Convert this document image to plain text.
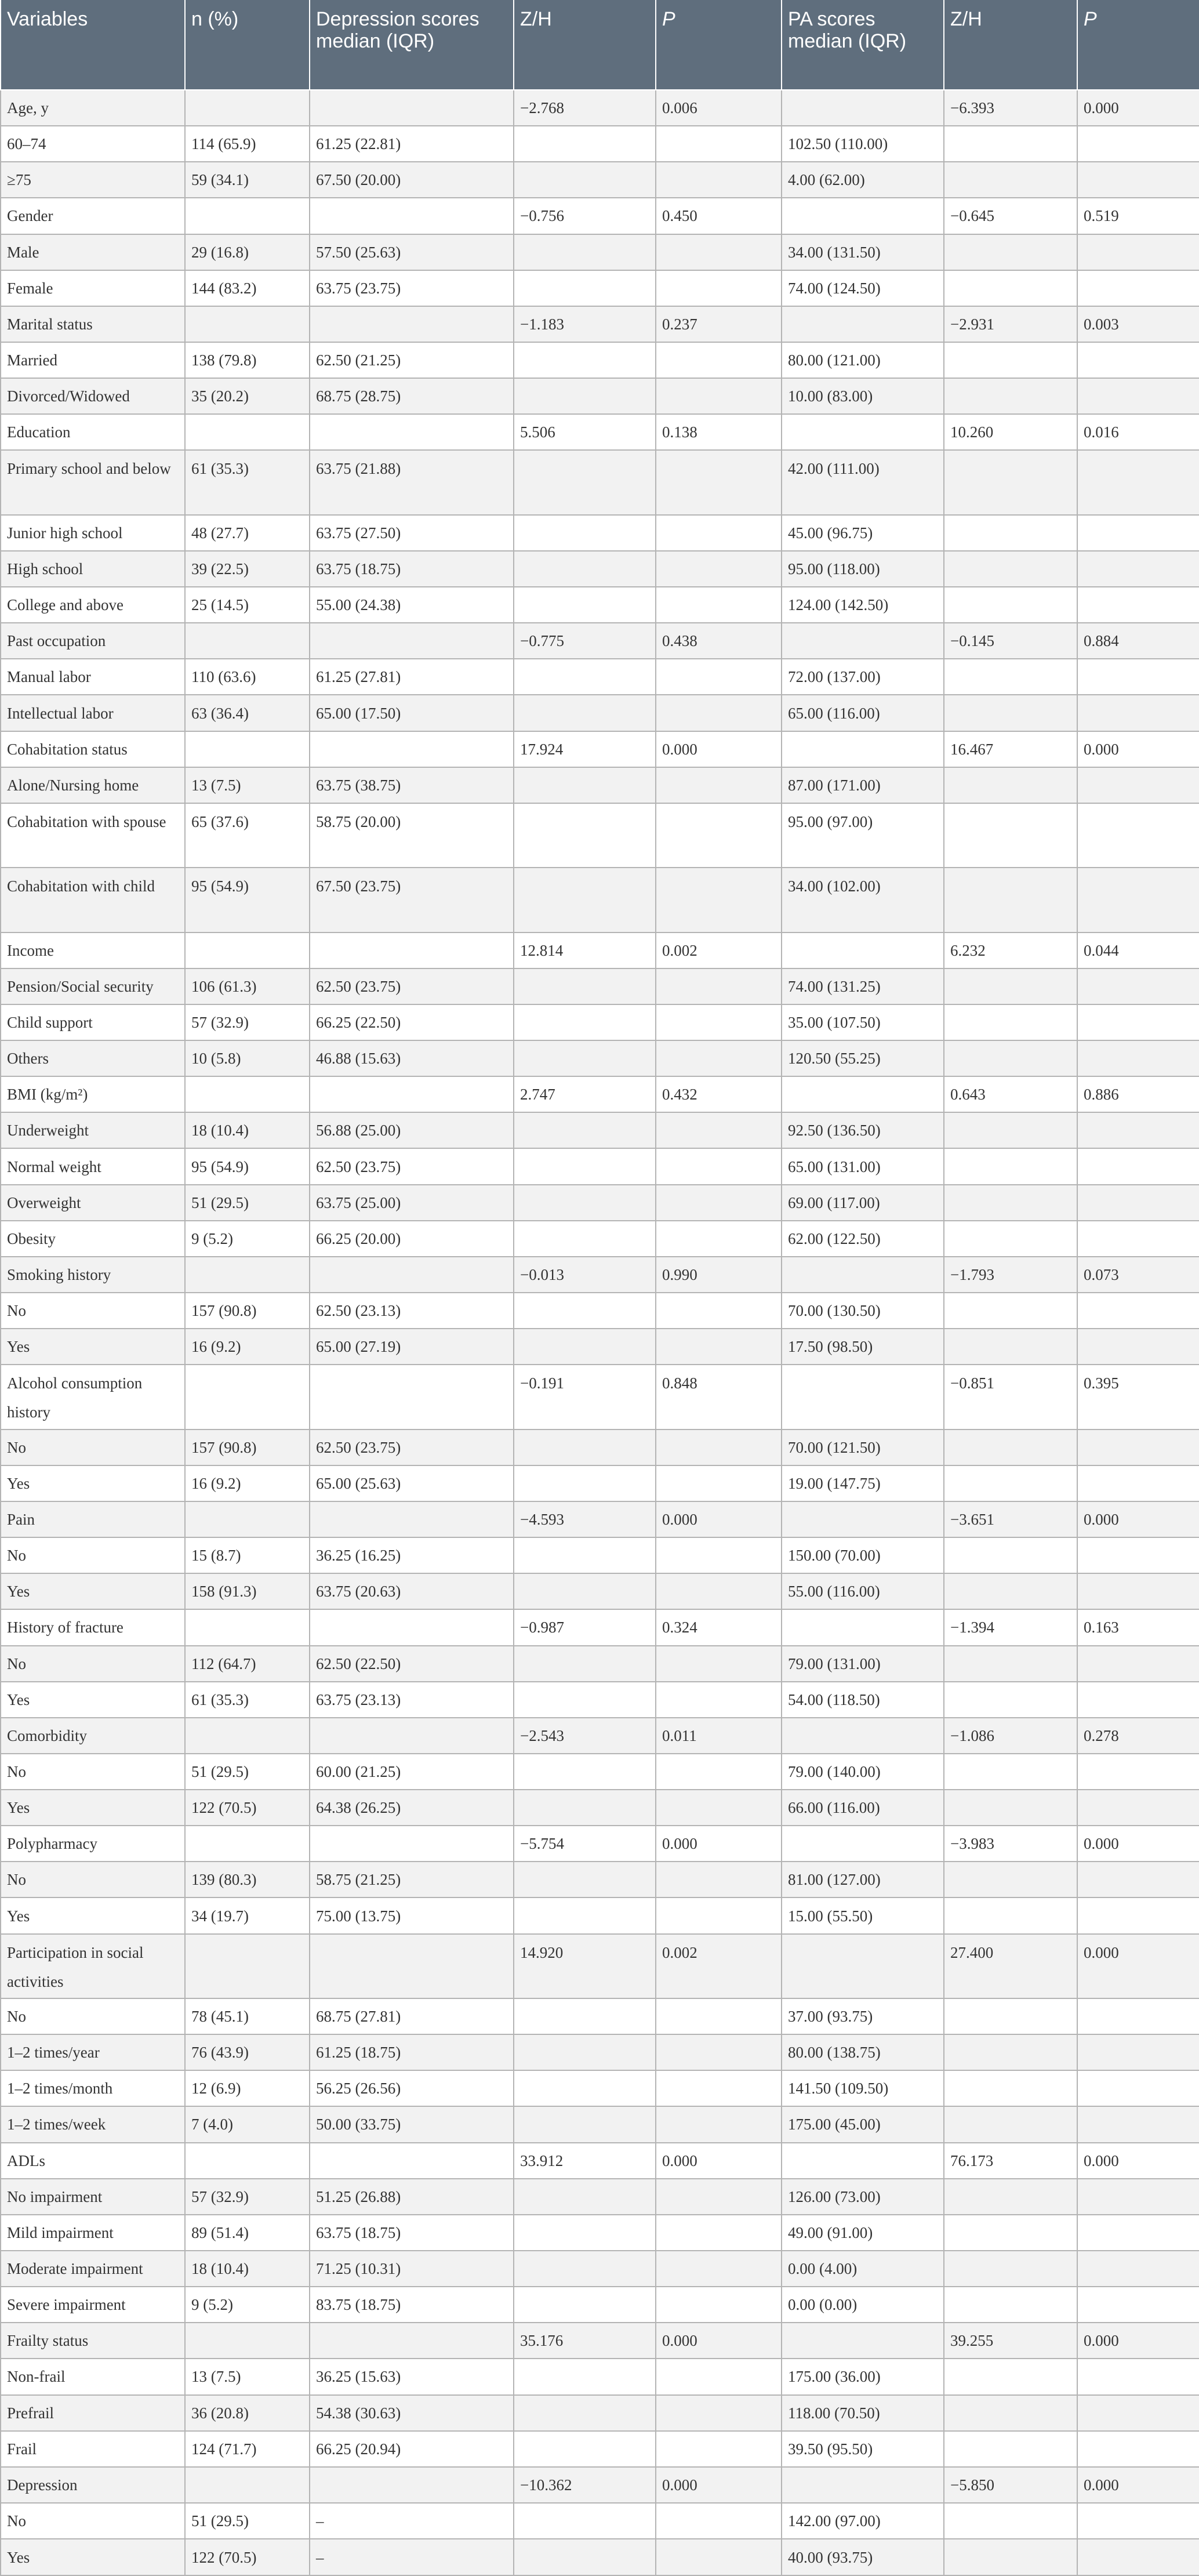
Variables	n (%)	Depression scores median (IQR)	Z/H	P	PA scores median (IQR)	Z/H	P
Age, y			−2.768	0.006		−6.393	0.000
60–74	114 (65.9)	61.25 (22.81)			102.50 (110.00)		
≥75	59 (34.1)	67.50 (20.00)			4.00 (62.00)		
Gender			−0.756	0.450		−0.645	0.519
Male	29 (16.8)	57.50 (25.63)			34.00 (131.50)		
Female	144 (83.2)	63.75 (23.75)			74.00 (124.50)		
Marital status			−1.183	0.237		−2.931	0.003
Married	138 (79.8)	62.50 (21.25)			80.00 (121.00)		
Divorced/Widowed	35 (20.2)	68.75 (28.75)			10.00 (83.00)		
Education			5.506	0.138		10.260	0.016
Primary school and below	61 (35.3)	63.75 (21.88)			42.00 (111.00)		
Junior high school	48 (27.7)	63.75 (27.50)			45.00 (96.75)		
High school	39 (22.5)	63.75 (18.75)			95.00 (118.00)		
College and above	25 (14.5)	55.00 (24.38)			124.00 (142.50)		
Past occupation			−0.775	0.438		−0.145	0.884
Manual labor	110 (63.6)	61.25 (27.81)			72.00 (137.00)		
Intellectual labor	63 (36.4)	65.00 (17.50)			65.00 (116.00)		
Cohabitation status			17.924	0.000		16.467	0.000
Alone/Nursing home	13 (7.5)	63.75 (38.75)			87.00 (171.00)		
Cohabitation with spouse	65 (37.6)	58.75 (20.00)			95.00 (97.00)		
Cohabitation with child	95 (54.9)	67.50 (23.75)			34.00 (102.00)		
Income			12.814	0.002		6.232	0.044
Pension/Social security	106 (61.3)	62.50 (23.75)			74.00 (131.25)		
Child support	57 (32.9)	66.25 (22.50)			35.00 (107.50)		
Others	10 (5.8)	46.88 (15.63)			120.50 (55.25)		
BMI (kg/m²)			2.747	0.432		0.643	0.886
Underweight	18 (10.4)	56.88 (25.00)			92.50 (136.50)		
Normal weight	95 (54.9)	62.50 (23.75)			65.00 (131.00)		
Overweight	51 (29.5)	63.75 (25.00)			69.00 (117.00)		
Obesity	9 (5.2)	66.25 (20.00)			62.00 (122.50)		
Smoking history			−0.013	0.990		−1.793	0.073
No	157 (90.8)	62.50 (23.13)			70.00 (130.50)		
Yes	16 (9.2)	65.00 (27.19)			17.50 (98.50)		
Alcohol consumption history			−0.191	0.848		−0.851	0.395
No	157 (90.8)	62.50 (23.75)			70.00 (121.50)		
Yes	16 (9.2)	65.00 (25.63)			19.00 (147.75)		
Pain			−4.593	0.000		−3.651	0.000
No	15 (8.7)	36.25 (16.25)			150.00 (70.00)		
Yes	158 (91.3)	63.75 (20.63)			55.00 (116.00)		
History of fracture			−0.987	0.324		−1.394	0.163
No	112 (64.7)	62.50 (22.50)			79.00 (131.00)		
Yes	61 (35.3)	63.75 (23.13)			54.00 (118.50)		
Comorbidity			−2.543	0.011		−1.086	0.278
No	51 (29.5)	60.00 (21.25)			79.00 (140.00)		
Yes	122 (70.5)	64.38 (26.25)			66.00 (116.00)		
Polypharmacy			−5.754	0.000		−3.983	0.000
No	139 (80.3)	58.75 (21.25)			81.00 (127.00)		
Yes	34 (19.7)	75.00 (13.75)			15.00 (55.50)		
Participation in social activities			14.920	0.002		27.400	0.000
No	78 (45.1)	68.75 (27.81)			37.00 (93.75)		
1–2 times/year	76 (43.9)	61.25 (18.75)			80.00 (138.75)		
1–2 times/month	12 (6.9)	56.25 (26.56)			141.50 (109.50)		
1–2 times/week	7 (4.0)	50.00 (33.75)			175.00 (45.00)		
ADLs			33.912	0.000		76.173	0.000
No impairment	57 (32.9)	51.25 (26.88)			126.00 (73.00)		
Mild impairment	89 (51.4)	63.75 (18.75)			49.00 (91.00)		
Moderate impairment	18 (10.4)	71.25 (10.31)			0.00 (4.00)		
Severe impairment	9 (5.2)	83.75 (18.75)			0.00 (0.00)		
Frailty status			35.176	0.000		39.255	0.000
Non-frail	13 (7.5)	36.25 (15.63)			175.00 (36.00)		
Prefrail	36 (20.8)	54.38 (30.63)			118.00 (70.50)		
Frail	124 (71.7)	66.25 (20.94)			39.50 (95.50)		
Depression			−10.362	0.000		−5.850	0.000
No	51 (29.5)	–			142.00 (97.00)		
Yes	122 (70.5)	–			40.00 (93.75)		
